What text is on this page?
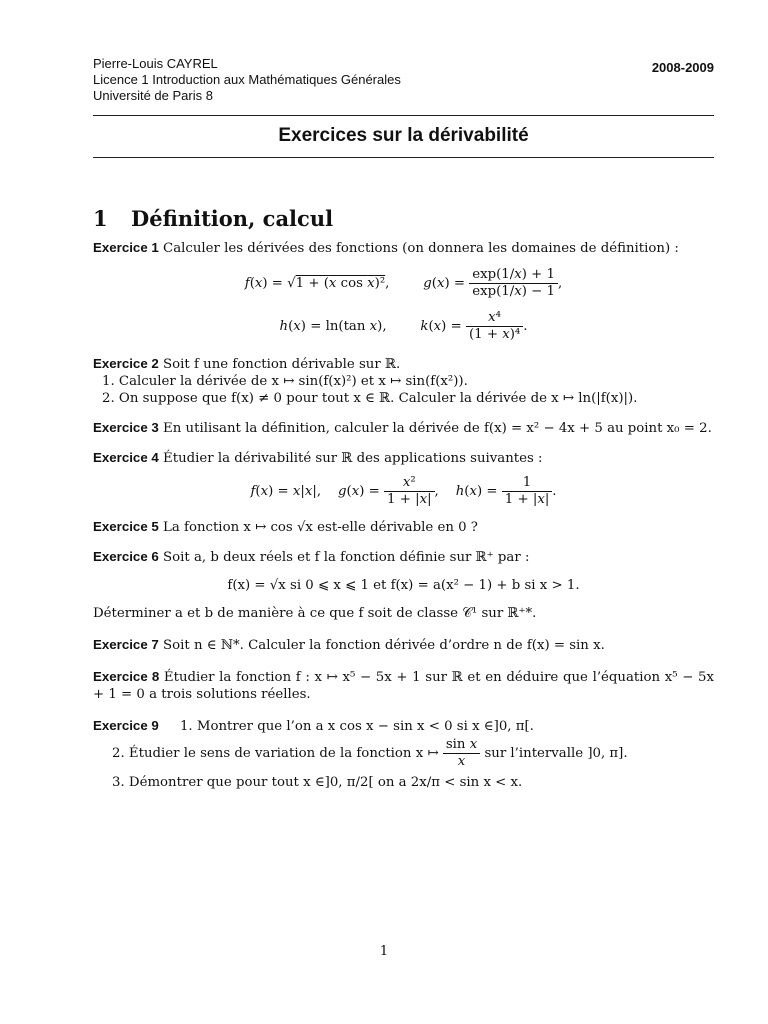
Pierre-Louis CAYREL
Licence 1 Introduction aux Mathématiques Générales
Université de Paris 8
2008-2009
Exercices sur la dérivabilité
1 Définition, calcul

Exercice 1 Calculer les dérivées des fonctions (on donnera les domaines de définition) :

f(x) = √1 + (x cos x)²,        $g(x) = \frac{\exp(1/x) + 1}{\exp(1/x) - 1}$ ,
h(x) = ln(tan x),        $k(x) = \frac{\text{x⁴}}{\text{(1 + x)⁴}}$ .

Exercice 2 Soit f une fonction dérivable sur ℝ.

1. Calculer la dérivée de x ↦ sin(f(x)²) et x ↦ sin(f(x²)).
2. On suppose que f(x) ≠ 0 pour tout x ∈ ℝ. Calculer la dérivée de x ↦ ln(|f(x)|).

Exercice 3 En utilisant la définition, calculer la dérivée de f(x) = x² − 4x + 5 au point x₀ = 2.

Exercice 4 Étudier la dérivabilité sur ℝ des applications suivantes :

f(x) = x|x|,    $g(x) = \frac{\text{x²}}{1 + |x|}$ ,    $h(x) = \frac{1}{1 + |x|}$ .

Exercice 5 La fonction x ↦ cos √x est-elle dérivable en 0 ?

Exercice 6 Soit a, b deux réels et f la fonction définie sur ℝ⁺ par :

f(x) = √x si 0 ⩽ x ⩽ 1 et f(x) = a(x² − 1) + b si x > 1.

Déterminer a et b de manière à ce que f soit de classe 𝒞¹ sur ℝ⁺*.

Exercice 7 Soit n ∈ ℕ*. Calculer la fonction dérivée d’ordre n de f(x) = sin x.

Exercice 8 Étudier la fonction f : x ↦ x⁵ − 5x + 1 sur ℝ et en déduire que l’équation x⁵ − 5x + 1 = 0 a trois solutions réelles.

Exercice 9 1. Montrer que l’on a x cos x − sin x < 0 si x ∈]0, π[.

2. Étudier le sens de variation de la fonction x ↦ $\frac{\text{sin x}}{x}$ sur l’intervalle ]0, π].

3. Démontrer que pour tout x ∈]0, π/2[ on a 2x/π < sin x < x.

1
